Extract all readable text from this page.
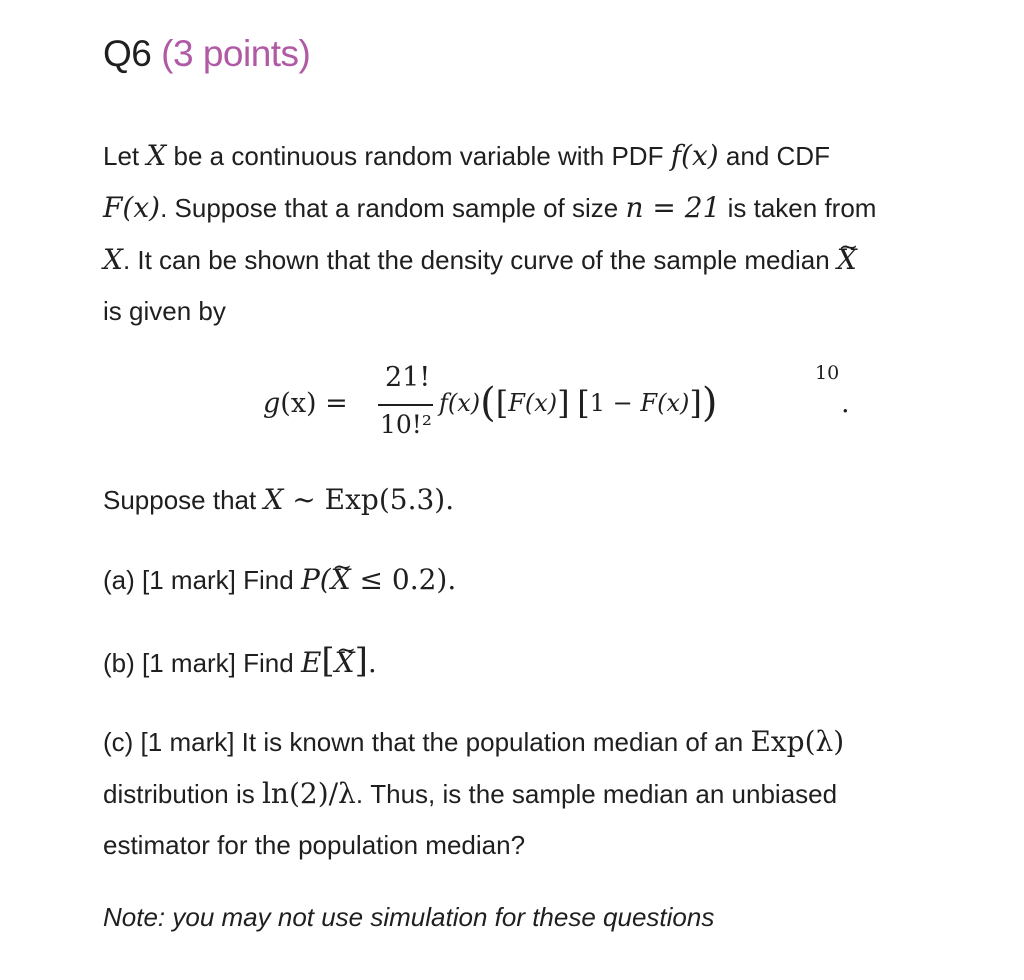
Q6 (3 points)
Let X be a continuous random variable with PDF f(x) and CDF
F(x). Suppose that a random sample of size n = 21 is taken from
X. It can be shown that the density curve of the sample median ~ X
is given by
g(x) =
21!
10!²
f(x)([F(x)] [1 − F(x)])
10
.
Suppose that X ~ Exp(5.3).
(a) [1 mark] Find P(~ X ≤ 0.2).
(b) [1 mark] Find E[~ X].
(c) [1 mark] It is known that the population median of an Exp(λ)
distribution is ln(2)/λ. Thus, is the sample median an unbiased
estimator for the population median?
Note: you may not use simulation for these questions
